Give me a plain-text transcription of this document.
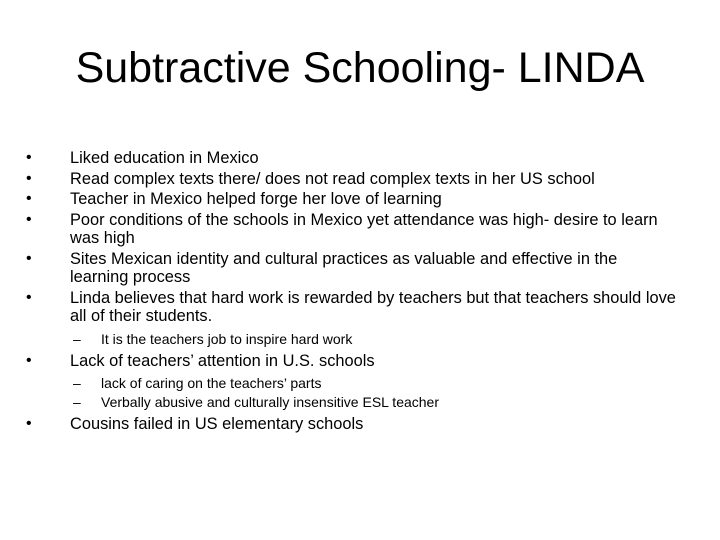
Subtractive Schooling- LINDA
• Liked education in Mexico
• Read complex texts there/ does not read complex texts in her US school
• Teacher in Mexico helped forge her love of learning
• Poor conditions of the schools in Mexico yet attendance was high- desire to learn was high
• Sites Mexican identity and cultural practices as valuable and effective in the learning process
• Linda believes that hard work is rewarded by teachers but that teachers should love all of their students.
– It is the teachers job to inspire hard work
• Lack of teachers’ attention in U.S. schools
– lack of caring on the teachers’ parts
– Verbally abusive and culturally insensitive ESL teacher
• Cousins failed in US elementary schools
